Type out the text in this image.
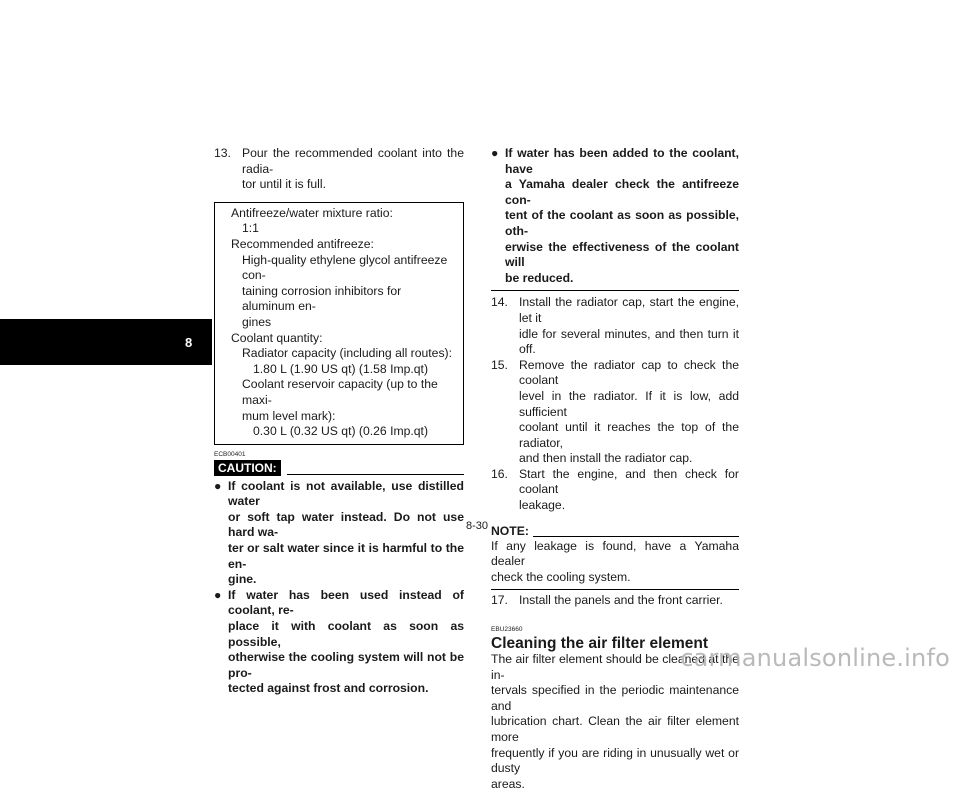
8
13. Pour the recommended coolant into the radia-
tor until it is full.
Antifreeze/water mixture ratio:
1:1
Recommended antifreeze:
High-quality ethylene glycol antifreeze con-
taining corrosion inhibitors for aluminum en-
gines
Coolant quantity:
Radiator capacity (including all routes):
1.80 L (1.90 US qt) (1.58 Imp.qt)
Coolant reservoir capacity (up to the maxi-
mum level mark):
0.30 L (0.32 US qt) (0.26 Imp.qt)
ECB00401
CAUTION:
● If coolant is not available, use distilled water
or soft tap water instead. Do not use hard wa-
ter or salt water since it is harmful to the en-
gine.
● If water has been used instead of coolant, re-
place it with coolant as soon as possible,
otherwise the cooling system will not be pro-
tected against frost and corrosion.
● If water has been added to the coolant, have
a Yamaha dealer check the antifreeze con-
tent of the coolant as soon as possible, oth-
erwise the effectiveness of the coolant will
be reduced.
14. Install the radiator cap, start the engine, let it
idle for several minutes, and then turn it off.
15. Remove the radiator cap to check the coolant
level in the radiator. If it is low, add sufficient
coolant until it reaches the top of the radiator,
and then install the radiator cap.
16. Start the engine, and then check for coolant
leakage.
NOTE:
If any leakage is found, have a Yamaha dealer
check the cooling system.
17. Install the panels and the front carrier.
EBU23660
Cleaning the air filter element
The air filter element should be cleaned at the in-
tervals specified in the periodic maintenance and
lubrication chart. Clean the air filter element more
frequently if you are riding in unusually wet or dusty
areas.
8-30
carmanualsonline.info
